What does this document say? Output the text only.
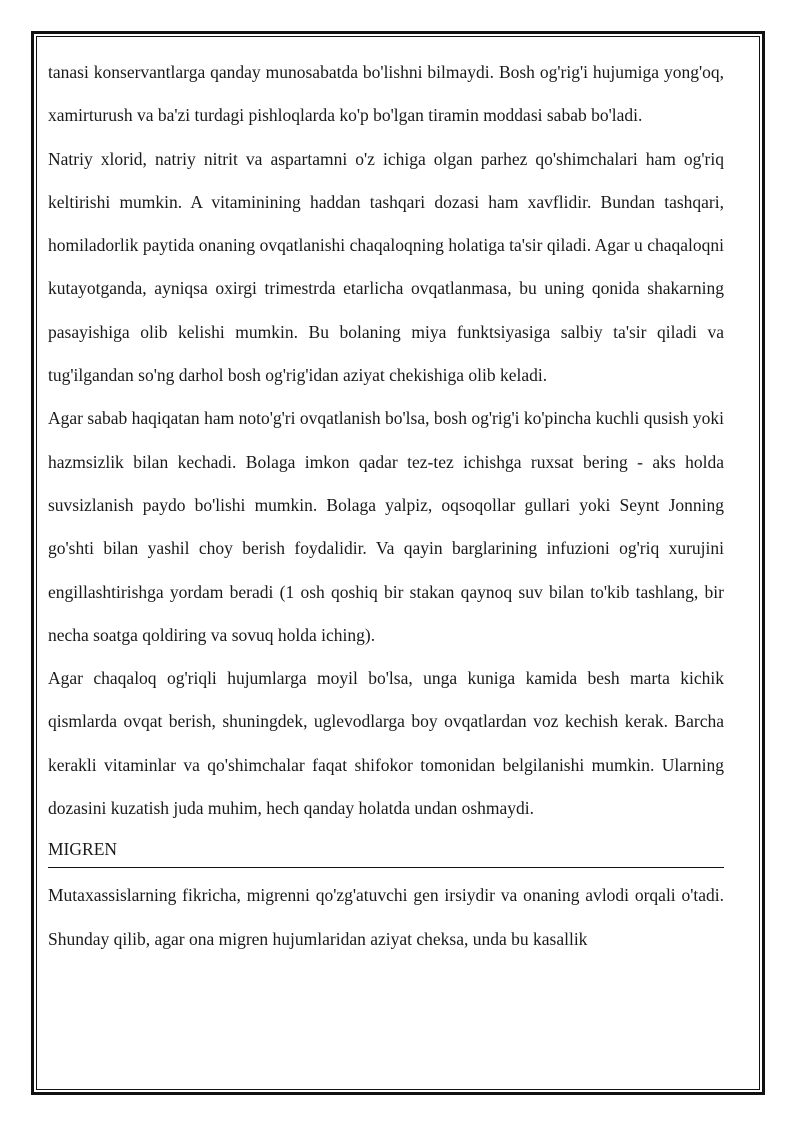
tanasi konservantlarga qanday munosabatda bo'lishni bilmaydi. Bosh og'rig'i hujumiga yong'oq, xamirturush va ba'zi turdagi pishloqlarda ko'p bo'lgan tiramin moddasi sabab bo'ladi.

Natriy xlorid, natriy nitrit va aspartamni o'z ichiga olgan parhez qo'shimchalari ham og'riq keltirishi mumkin. A vitaminining haddan tashqari dozasi ham xavflidir. Bundan tashqari, homiladorlik paytida onaning ovqatlanishi chaqaloqning holatiga ta'sir qiladi. Agar u chaqaloqni kutayotganda, ayniqsa oxirgi trimestrda etarlicha ovqatlanmasa, bu uning qonida shakarning pasayishiga olib kelishi mumkin. Bu bolaning miya funktsiyasiga salbiy ta'sir qiladi va tug'ilgandan so'ng darhol bosh og'rig'idan aziyat chekishiga olib keladi.

Agar sabab haqiqatan ham noto'g'ri ovqatlanish bo'lsa, bosh og'rig'i ko'pincha kuchli qusish yoki hazmsizlik bilan kechadi. Bolaga imkon qadar tez-tez ichishga ruxsat bering - aks holda suvsizlanish paydo bo'lishi mumkin. Bolaga yalpiz, oqsoqollar gullari yoki Seynt Jonning go'shti bilan yashil choy berish foydalidir. Va qayin barglarining infuzioni og'riq xurujini engillashtirishga yordam beradi (1 osh qoshiq bir stakan qaynoq suv bilan to'kib tashlang, bir necha soatga qoldiring va sovuq holda iching).

Agar chaqaloq og'riqli hujumlarga moyil bo'lsa, unga kuniga kamida besh marta kichik qismlarda ovqat berish, shuningdek, uglevodlarga boy ovqatlardan voz kechish kerak. Barcha kerakli vitaminlar va qo'shimchalar faqat shifokor tomonidan belgilanishi mumkin. Ularning dozasini kuzatish juda muhim, hech qanday holatda undan oshmaydi.

MIGREN

Mutaxassislarning fikricha, migrenni qo'zg'atuvchi gen irsiydir va onaning avlodi orqali o'tadi. Shunday qilib, agar ona migren hujumlaridan aziyat cheksa, unda bu kasallik
